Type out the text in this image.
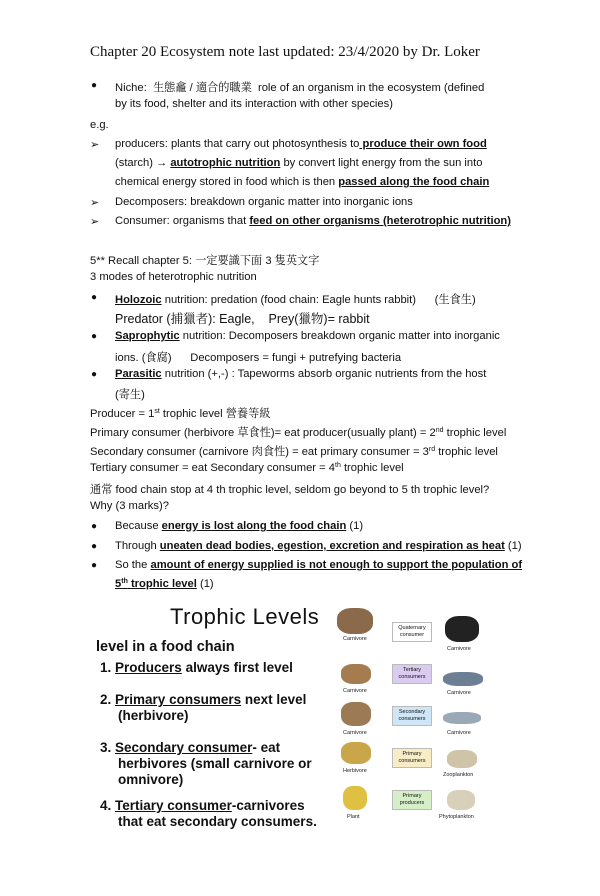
Chapter 20 Ecosystem note last updated: 23/4/2020 by Dr. Loker
● Niche: 生態龕 / 適合的職業 role of an organism in the ecosystem (defined
by its food, shelter and its interaction with other species)
e.g.
➢ producers: plants that carry out photosynthesis to produce their own food
(starch) → autotrophic nutrition by convert light energy from the sun into
chemical energy stored in food which is then passed along the food chain
➢ Decomposers: breakdown organic matter into inorganic ions
➢ Consumer: organisms that feed on other organisms (heterotrophic nutrition)
5** Recall chapter 5: 一定要識下面 3 隻英文字
3 modes of heterotrophic nutrition
● Holozoic nutrition: predation (food chain: Eagle hunts rabbit) (生食生)
Predator (捕獵者): Eagle, Prey(獵物)= rabbit
● Saprophytic nutrition: Decomposers breakdown organic matter into inorganic
ions. (食腐) Decomposers = fungi + putrefying bacteria
● Parasitic nutrition (+,-) : Tapeworms absorb organic nutrients from the host
(寄生)
Producer = 1st trophic level 營養等級
Primary consumer (herbivore 草食性)= eat producer(usually plant) = 2nd trophic level
Secondary consumer (carnivore 肉食性) = eat primary consumer = 3rd trophic level
Tertiary consumer = eat Secondary consumer = 4th trophic level
通常 food chain stop at 4 th trophic level, seldom go beyond to 5 th trophic level?
Why (3 marks)?
● Because energy is lost along the food chain (1)
● Through uneaten dead bodies, egestion, excretion and respiration as heat (1)
● So the amount of energy supplied is not enough to support the population of
5th trophic level (1)
Trophic Levels
level in a food chain
1. Producers always first level
2. Primary consumers next level
(herbivore)
3. Secondary consumer- eat
herbivores (small carnivore or
omnivore)
4. Tertiary consumer-carnivores
that eat secondary consumers.
Quaternary consumer
Tertiary consumers
Secondary consumers
Primary consumers
Primary producers
Carnivore
Carnivore
Carnivore
Herbivore
Plant
Carnivore
Carnivore
Carnivore
Zooplankton
Phytoplankton
